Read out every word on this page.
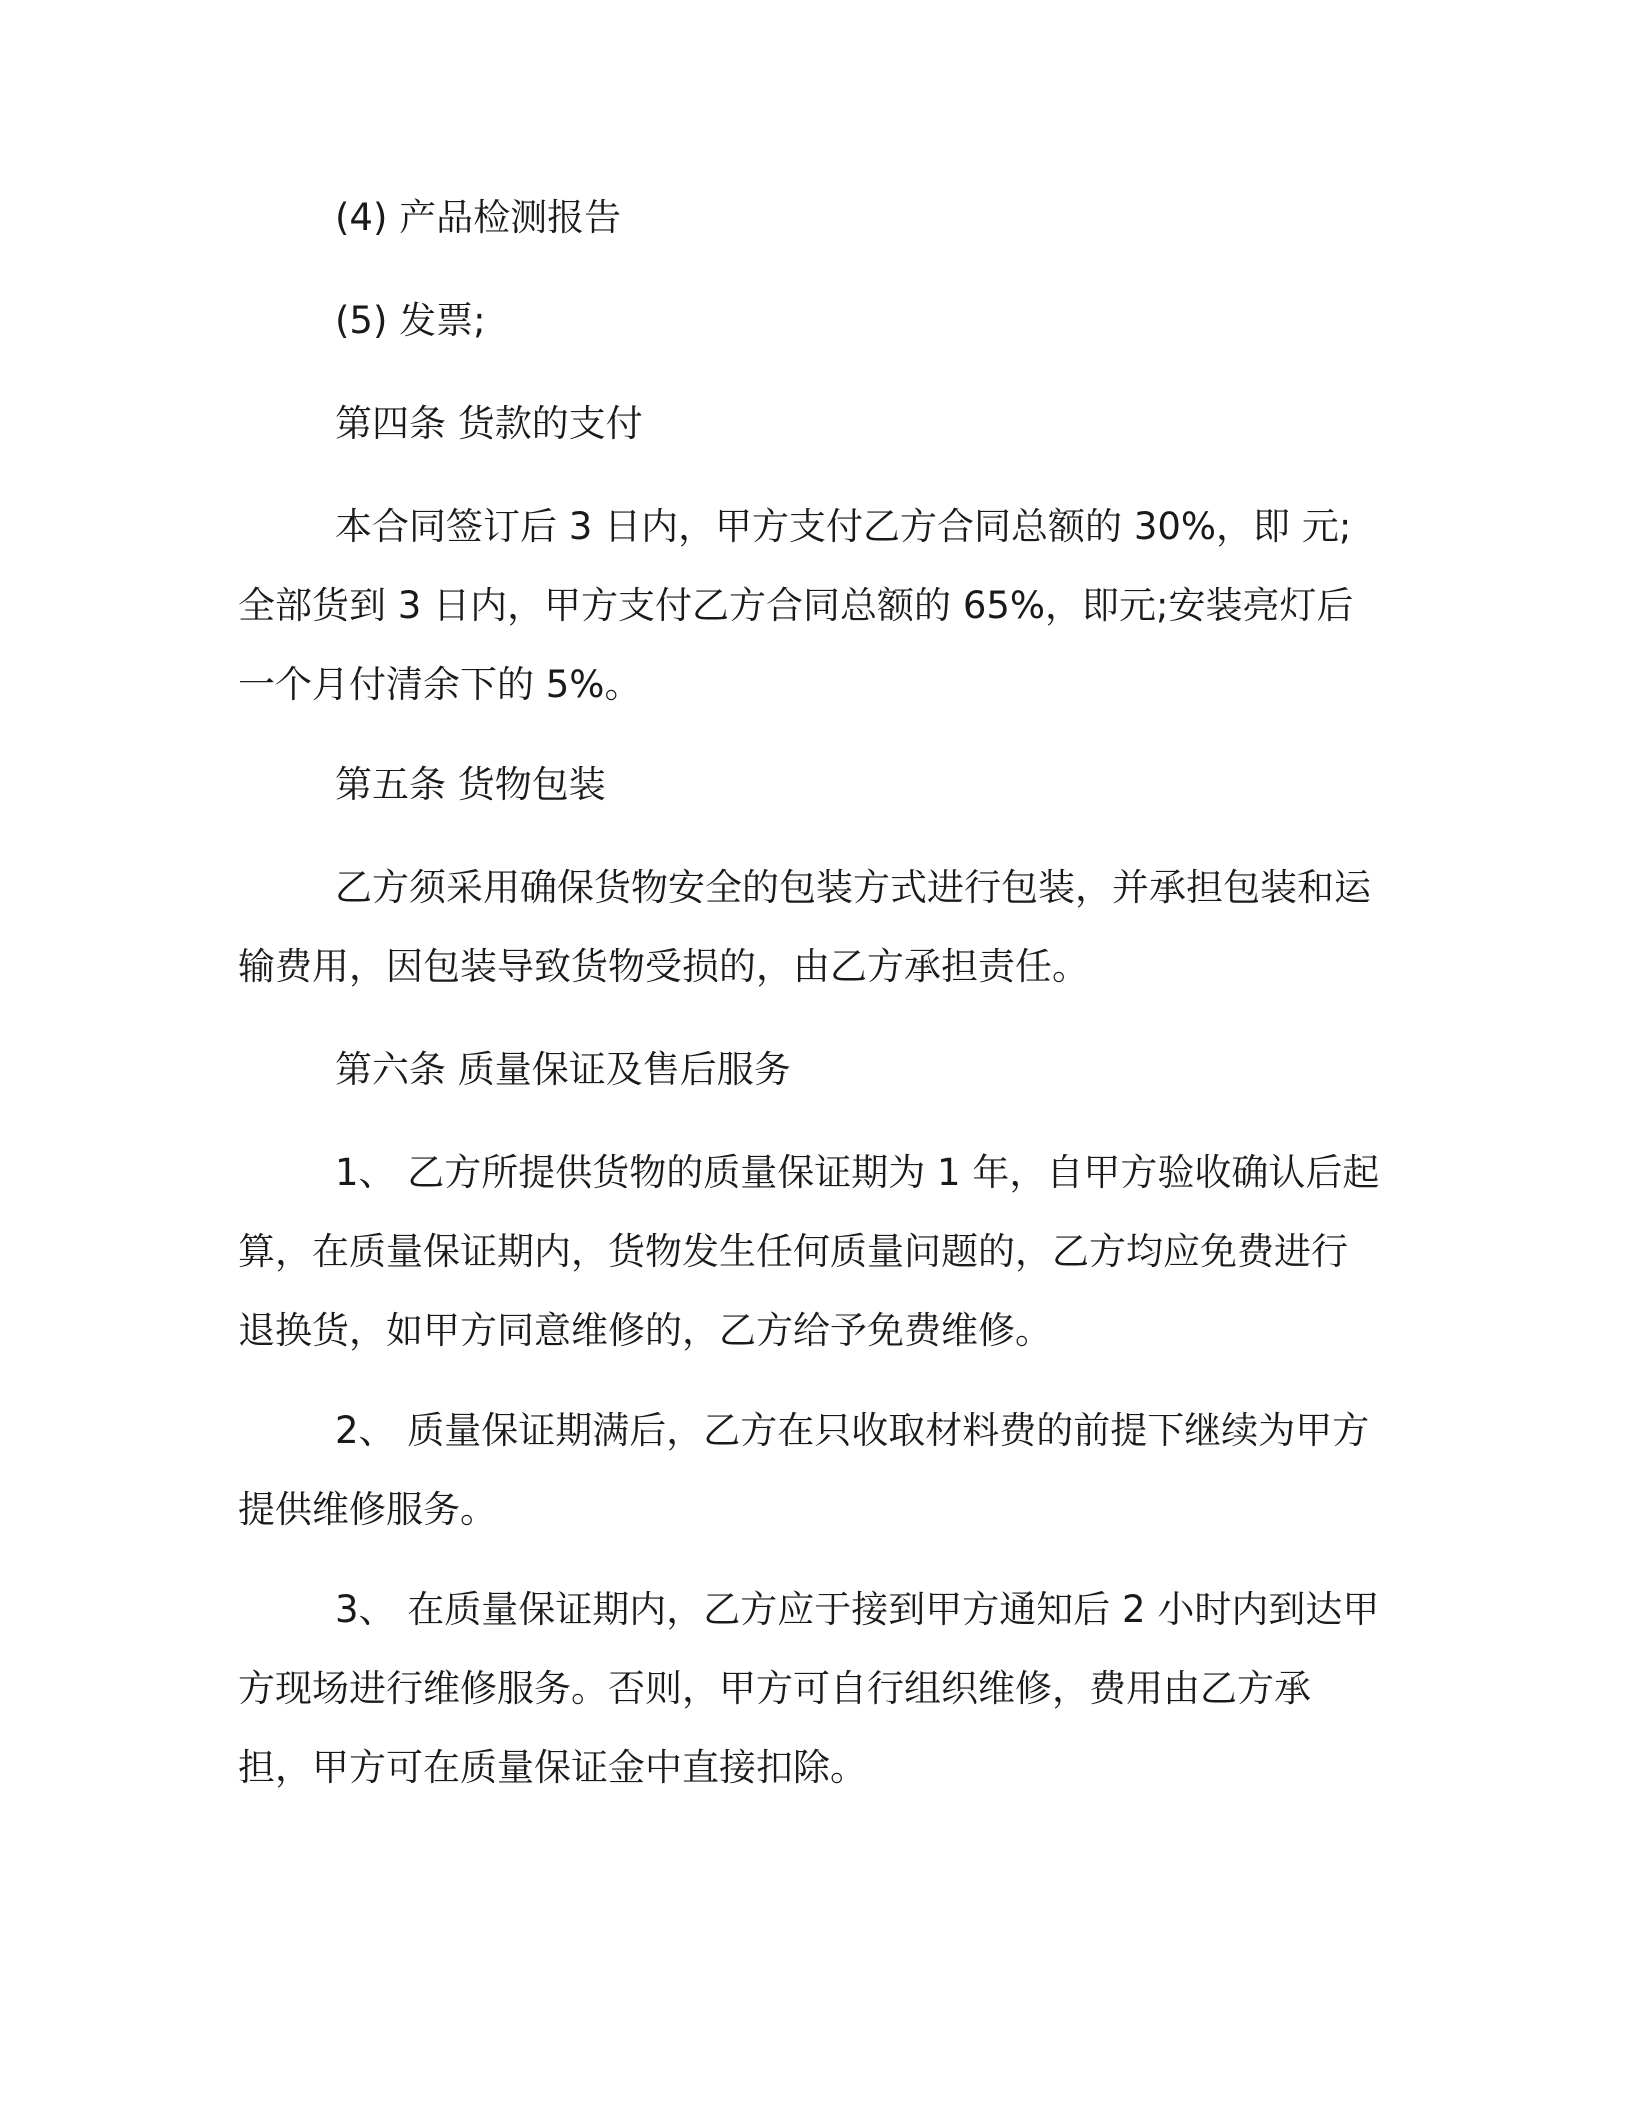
(4) 产品检测报告

(5) 发票;

第四条 货款的支付

本合同签订后 3 日内，甲方支付乙方合同总额的 30%，即 元;全部货到 3 日内，甲方支付乙方合同总额的 65%，即元;安装亮灯后一个月付清余下的 5%。

第五条 货物包装

乙方须采用确保货物安全的包装方式进行包装，并承担包装和运输费用，因包装导致货物受损的，由乙方承担责任。

第六条 质量保证及售后服务

1、 乙方所提供货物的质量保证期为 1 年，自甲方验收确认后起算，在质量保证期内，货物发生任何质量问题的，乙方均应免费进行退换货，如甲方同意维修的，乙方给予免费维修。

2、 质量保证期满后，乙方在只收取材料费的前提下继续为甲方提供维修服务。

3、 在质量保证期内，乙方应于接到甲方通知后 2 小时内到达甲方现场进行维修服务。否则，甲方可自行组织维修，费用由乙方承担，甲方可在质量保证金中直接扣除。
